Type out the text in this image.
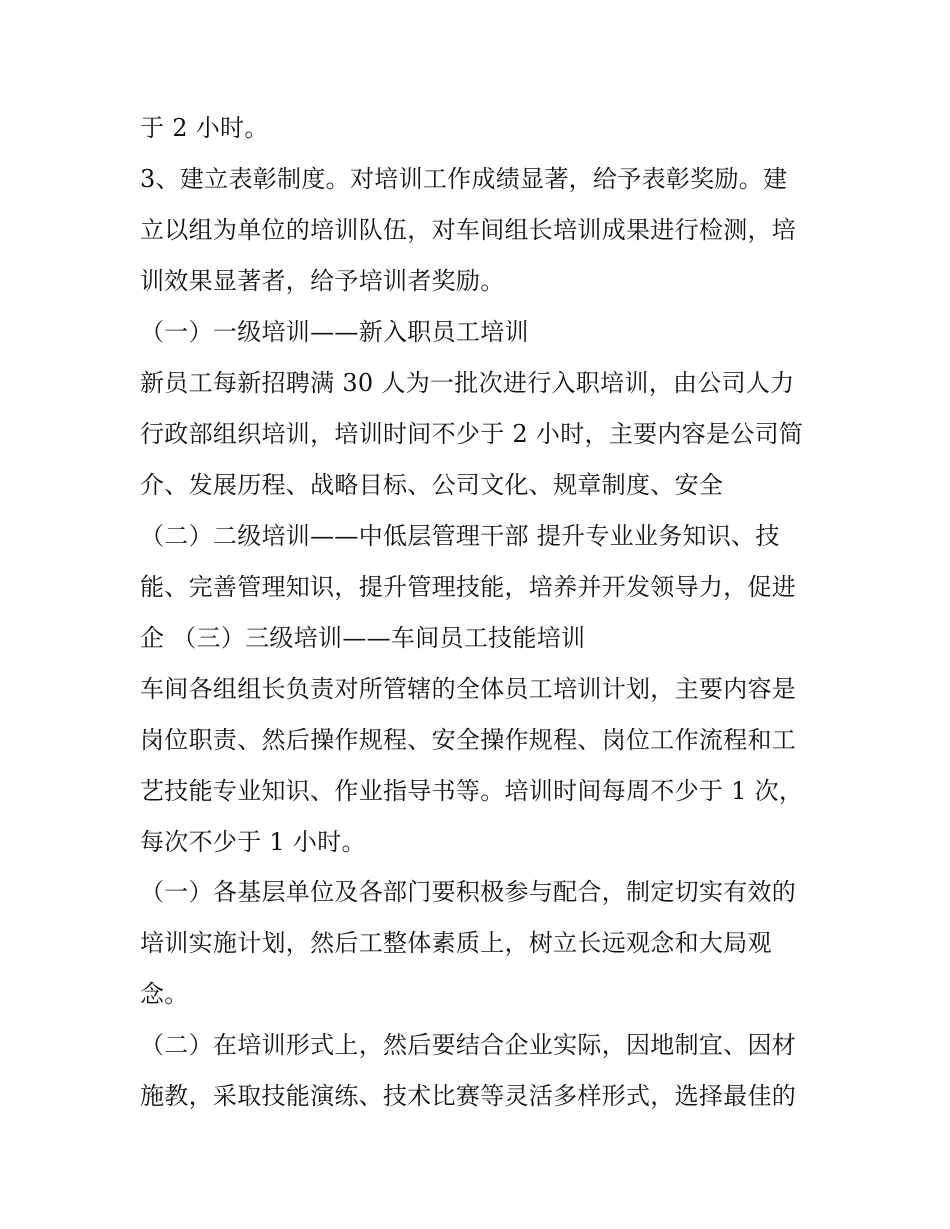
于 2 小时。
3、建立表彰制度。对培训工作成绩显著，给予表彰奖励。建
立以组为单位的培训队伍，对车间组长培训成果进行检测，培
训效果显著者，给予培训者奖励。
（一）一级培训——新入职员工培训
新员工每新招聘满 30 人为一批次进行入职培训，由公司人力
行政部组织培训，培训时间不少于 2 小时，主要内容是公司简
介、发展历程、战略目标、公司文化、规章制度、安全
（二）二级培训——中低层管理干部 提升专业业务知识、技
能、完善管理知识，提升管理技能，培养并开发领导力，促进
企 （三）三级培训——车间员工技能培训
车间各组组长负责对所管辖的全体员工培训计划，主要内容是
岗位职责、然后操作规程、安全操作规程、岗位工作流程和工
艺技能专业知识、作业指导书等。培训时间每周不少于 1 次，
每次不少于 1 小时。
（一）各基层单位及各部门要积极参与配合，制定切实有效的
培训实施计划，然后工整体素质上，树立长远观念和大局观
念。
（二）在培训形式上，然后要结合企业实际，因地制宜、因材
施教，采取技能演练、技术比赛等灵活多样形式，选择最佳的
